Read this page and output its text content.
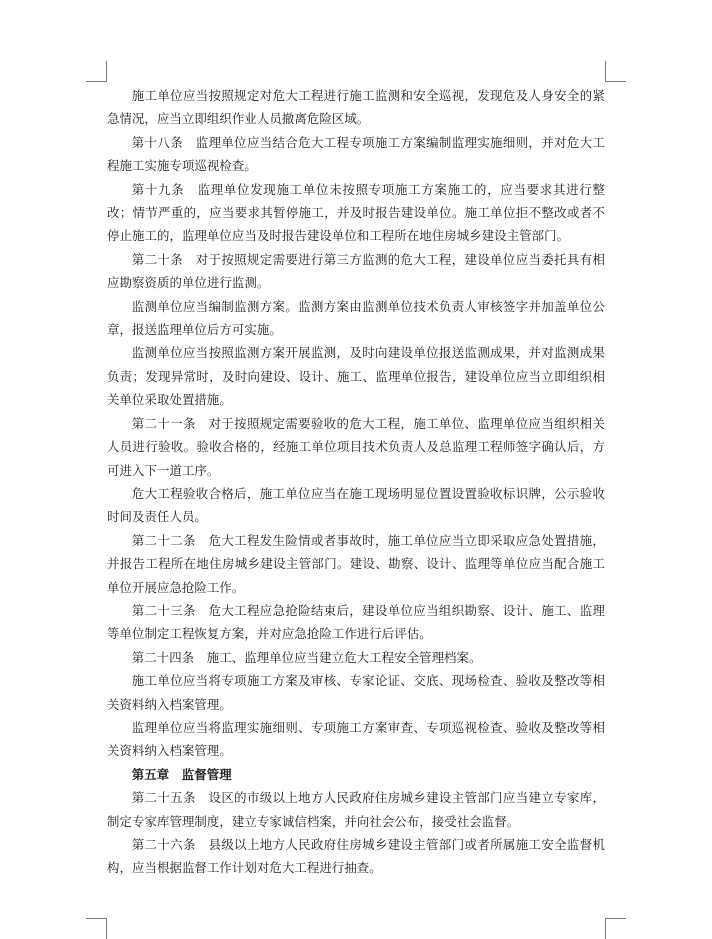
施工单位应当按照规定对危大工程进行施工监测和安全巡视，发现危及人身安全的紧急情况，应当立即组织作业人员撤离危险区域。

第十八条　监理单位应当结合危大工程专项施工方案编制监理实施细则，并对危大工程施工实施专项巡视检查。

第十九条　监理单位发现施工单位未按照专项施工方案施工的，应当要求其进行整改；情节严重的，应当要求其暂停施工，并及时报告建设单位。施工单位拒不整改或者不停止施工的，监理单位应当及时报告建设单位和工程所在地住房城乡建设主管部门。

第二十条　对于按照规定需要进行第三方监测的危大工程，建设单位应当委托具有相应勘察资质的单位进行监测。

监测单位应当编制监测方案。监测方案由监测单位技术负责人审核签字并加盖单位公章，报送监理单位后方可实施。

监测单位应当按照监测方案开展监测，及时向建设单位报送监测成果，并对监测成果负责；发现异常时，及时向建设、设计、施工、监理单位报告，建设单位应当立即组织相关单位采取处置措施。

第二十一条　对于按照规定需要验收的危大工程，施工单位、监理单位应当组织相关人员进行验收。验收合格的，经施工单位项目技术负责人及总监理工程师签字确认后，方可进入下一道工序。

危大工程验收合格后，施工单位应当在施工现场明显位置设置验收标识牌，公示验收时间及责任人员。

第二十二条　危大工程发生险情或者事故时，施工单位应当立即采取应急处置措施，并报告工程所在地住房城乡建设主管部门。建设、勘察、设计、监理等单位应当配合施工单位开展应急抢险工作。

第二十三条　危大工程应急抢险结束后，建设单位应当组织勘察、设计、施工、监理等单位制定工程恢复方案，并对应急抢险工作进行后评估。

第二十四条　施工、监理单位应当建立危大工程安全管理档案。

施工单位应当将专项施工方案及审核、专家论证、交底、现场检查、验收及整改等相关资料纳入档案管理。

监理单位应当将监理实施细则、专项施工方案审查、专项巡视检查、验收及整改等相关资料纳入档案管理。

第五章　监督管理

第二十五条　设区的市级以上地方人民政府住房城乡建设主管部门应当建立专家库，制定专家库管理制度，建立专家诚信档案，并向社会公布，接受社会监督。

第二十六条　县级以上地方人民政府住房城乡建设主管部门或者所属施工安全监督机构，应当根据监督工作计划对危大工程进行抽查。
